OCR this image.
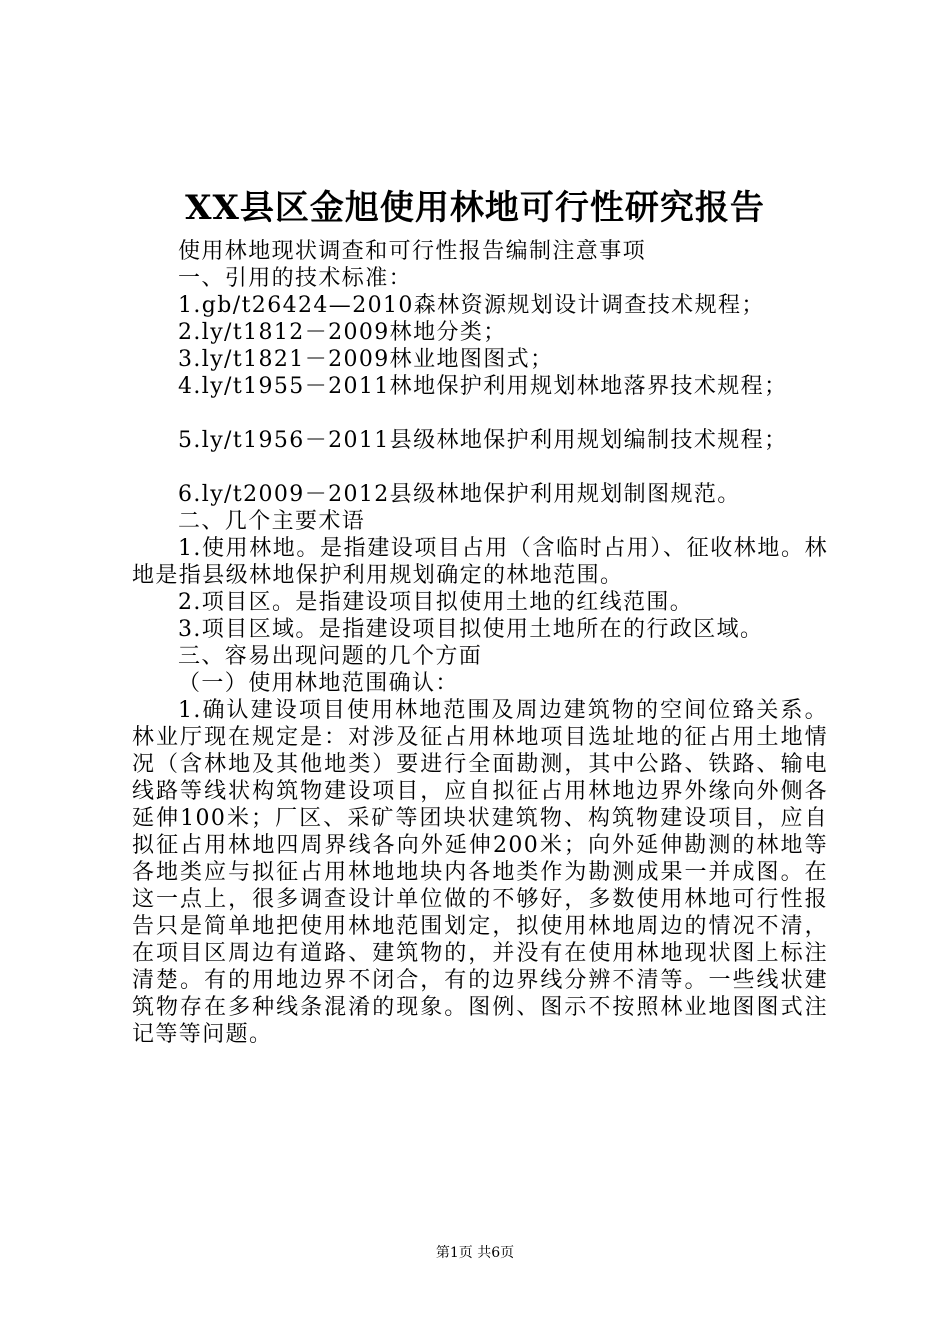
XX县区金旭使用林地可行性研究报告

使用林地现状调查和可行性报告编制注意事项

一、引用的技术标准：

1.gb/t26424—2010森林资源规划设计调查技术规程；

2.ly/t1812－2009林地分类；

3.ly/t1821－2009林业地图图式；

4.ly/t1955－2011林地保护利用规划林地落界技术规程；

5.ly/t1956－2011县级林地保护利用规划编制技术规程；

6.ly/t2009－2012县级林地保护利用规划制图规范。

二、几个主要术语

1.使用林地。是指建设项目占用（含临时占用）、征收林地。林地是指县级林地保护利用规划确定的林地范围。

2.项目区。是指建设项目拟使用土地的红线范围。

3.项目区域。是指建设项目拟使用土地所在的行政区域。

三、容易出现问题的几个方面

（一）使用林地范围确认：

1.确认建设项目使用林地范围及周边建筑物的空间位臵关系。林业厅现在规定是：对涉及征占用林地项目选址地的征占用土地情况（含林地及其他地类）要进行全面勘测，其中公路、铁路、输电线路等线状构筑物建设项目，应自拟征占用林地边界外缘向外侧各延伸100米；厂区、采矿等团块状建筑物、构筑物建设项目，应自拟征占用林地四周界线各向外延伸200米；向外延伸勘测的林地等各地类应与拟征占用林地地块内各地类作为勘测成果一并成图。在这一点上，很多调查设计单位做的不够好，多数使用林地可行性报告只是简单地把使用林地范围划定，拟使用林地周边的情况不清，在项目区周边有道路、建筑物的，并没有在使用林地现状图上标注清楚。有的用地边界不闭合，有的边界线分辨不清等。一些线状建筑物存在多种线条混淆的现象。图例、图示不按照林业地图图式注记等等问题。

第1页 共6页
